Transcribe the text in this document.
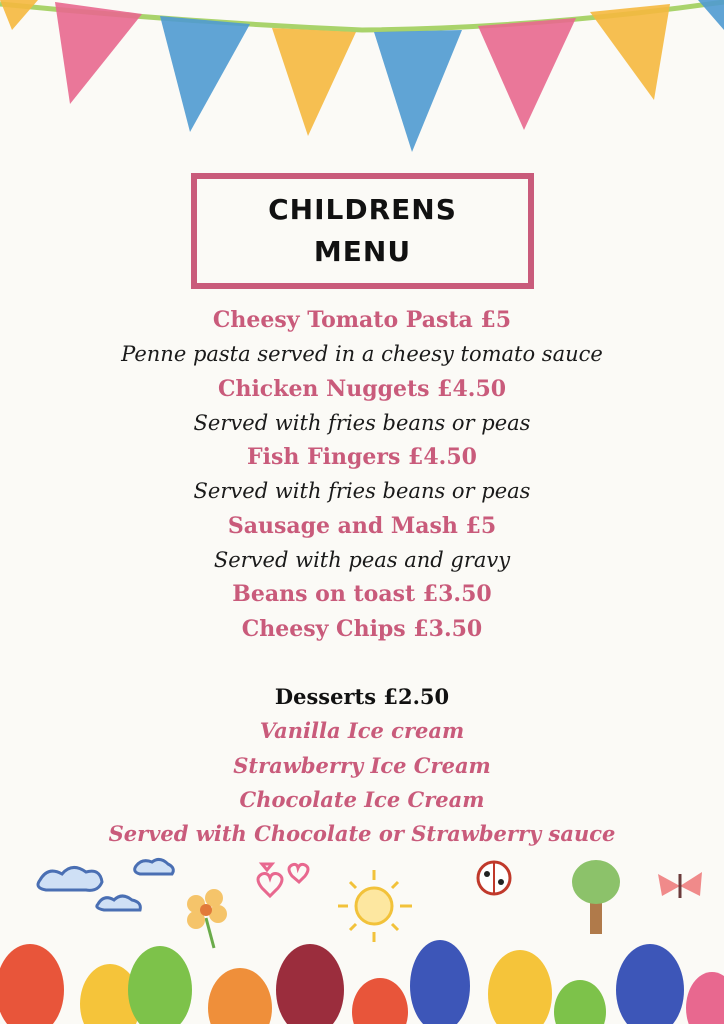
CHILDRENS
MENU
Cheesy Tomato Pasta £5
Penne pasta served in a cheesy tomato sauce
Chicken Nuggets £4.50
Served with fries beans or peas
Fish Fingers £4.50
Served with fries beans or peas
Sausage and Mash £5
Served with peas and gravy
Beans on toast £3.50
Cheesy Chips £3.50
Desserts £2.50
Vanilla Ice cream
Strawberry Ice Cream
Chocolate Ice Cream
Served with Chocolate or Strawberry sauce
